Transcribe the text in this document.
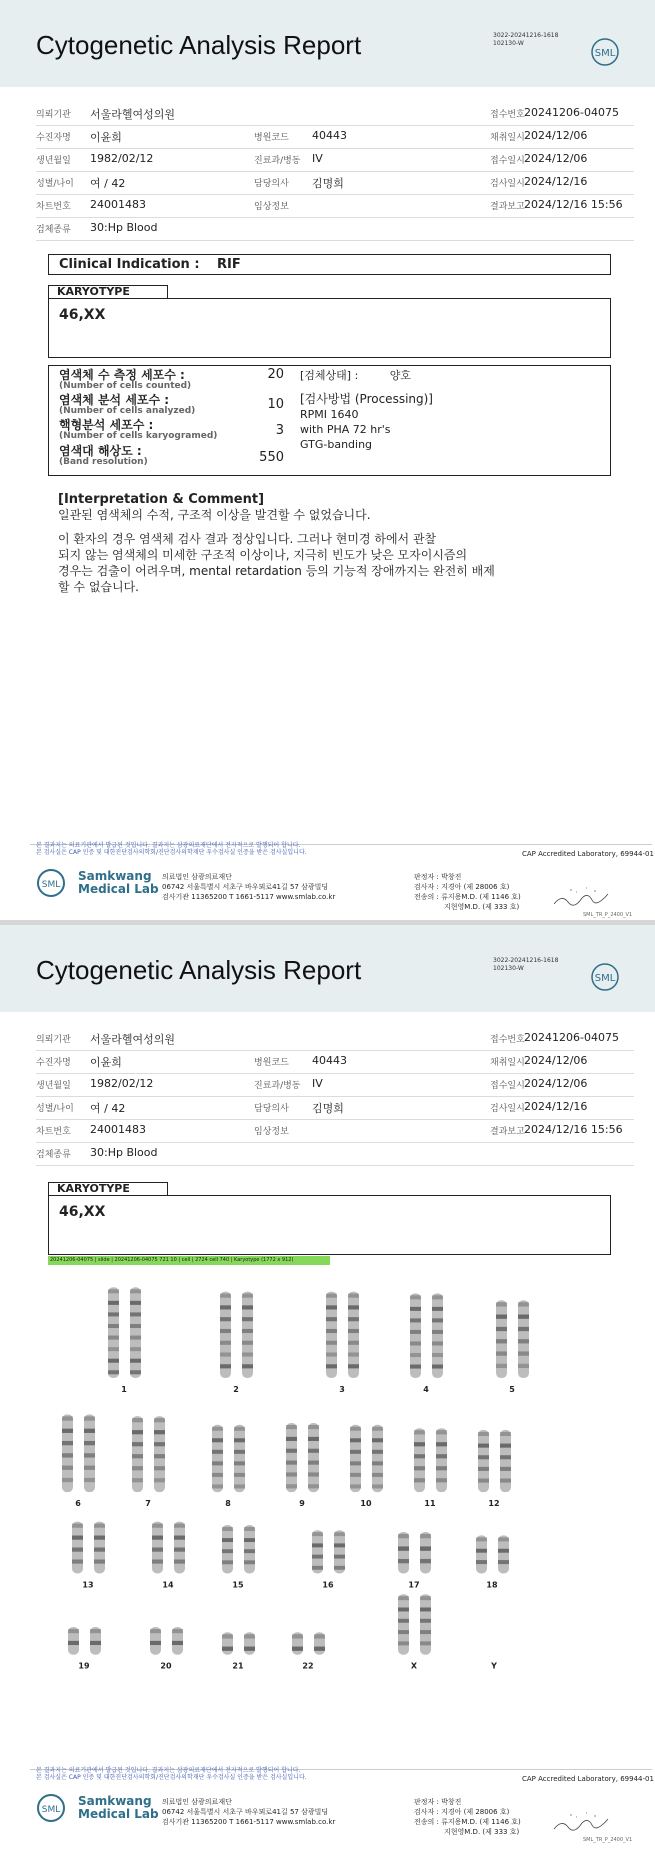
Cytogenetic Analysis Report	3022-20241216-1618
102130-W
SML
의뢰기관 서울라헬여성의원	접수번호 20241206-04075
수진자명 이윤희	병원코드 40443	채취일시 2024/12/06
생년월일 1982/02/12	진료과/병동 IV	접수일시 2024/12/06
성별/나이 여 / 42	담당의사 김명희	검사일시 2024/12/16
차트번호 24001483	임상정보	결과보고 2024/12/16 15:56
검체종류 30:Hp Blood
Clinical Indication : RIF
KARYOTYPE
46,XX
염색체 수 측정 세포수 :
(Number of cells counted)
20
염색체 분석 세포수 :
(Number of cells analyzed)	10
핵형분석 세포수 :
(Number of cells karyogramed)	3
염색대 해상도 :
(Band resolution)	550
[검체상태] :	양호
[검사방법 (Processing)]
RPMI 1640
with PHA 72 hr's
GTG-banding
[Interpretation & Comment]

일관된 염색체의 수적, 구조적 이상을 발견할 수 없었습니다.

이 환자의 경우 염색체 검사 결과 정상입니다. 그러나 현미경 하에서 관찰

되지 않는 염색체의 미세한 구조적 이상이나, 지극히 빈도가 낮은 모자이시즘의

경우는 검출이 어려우며, mental retardation 등의 기능적 장애까지는 완전히 배제

할 수 없습니다.

본 결과지는 의료기관에서 발급된 것입니다. 결과지는 삼광의료재단에서 전자적으로 발행되어 합니다.
본 검사실은 CAP 인증 및 대한진단검사의학회/진단검사의학재단 우수검사실 인증을 받은 검사실입니다.	CAP Accredited Laboratory, 69944-01
SML
Samkwang
Medical Lab
의료법인 삼광의료재단
06742 서울특별시 서초구 바우뫼로41길 57 삼광빌딩
검사기관 11365200 T 1661-5117 www.smlab.co.kr
판정자 : 박창진
검사자 : 지경아 (제 28006 호)
전송의 : 류지용M.D. (제 1146 호)
지현영M.D. (제 333 호)
SML_TR_P_2400_V1
Cytogenetic Analysis Report	3022-20241216-1618
102130-W
SML
의뢰기관 서울라헬여성의원	접수번호 20241206-04075
수진자명 이윤희	병원코드 40443	채취일시 2024/12/06
생년월일 1982/02/12	진료과/병동 IV	접수일시 2024/12/06
성별/나이 여 / 42	담당의사 김명희	검사일시 2024/12/16
차트번호 24001483	임상정보	결과보고 2024/12/16 15:56
검체종류 30:Hp Blood
KARYOTYPE
46,XX
20241206-04075 | slide | 20241206-04075 721 10 | cell | 2724 cell 740 | Karyotype (1772 x 912)
1	2	3	4	5
6	7	8	9	10	11	12
13	14	15	16	17	18
19	20	21	22	X	Y
본 결과지는 의료기관에서 발급된 것입니다. 결과지는 삼광의료재단에서 전자적으로 발행되어 합니다.
본 검사실은 CAP 인증 및 대한진단검사의학회/진단검사의학재단 우수검사실 인증을 받은 검사실입니다.	CAP Accredited Laboratory, 69944-01
SML
Samkwang
Medical Lab
의료법인 삼광의료재단
06742 서울특별시 서초구 바우뫼로41길 57 삼광빌딩
검사기관 11365200 T 1661-5117 www.smlab.co.kr
판정자 : 박창진
검사자 : 지경아 (제 28006 호)
전송의 : 류지용M.D. (제 1146 호)
지현영M.D. (제 333 호)
SML_TR_P_2400_V1
